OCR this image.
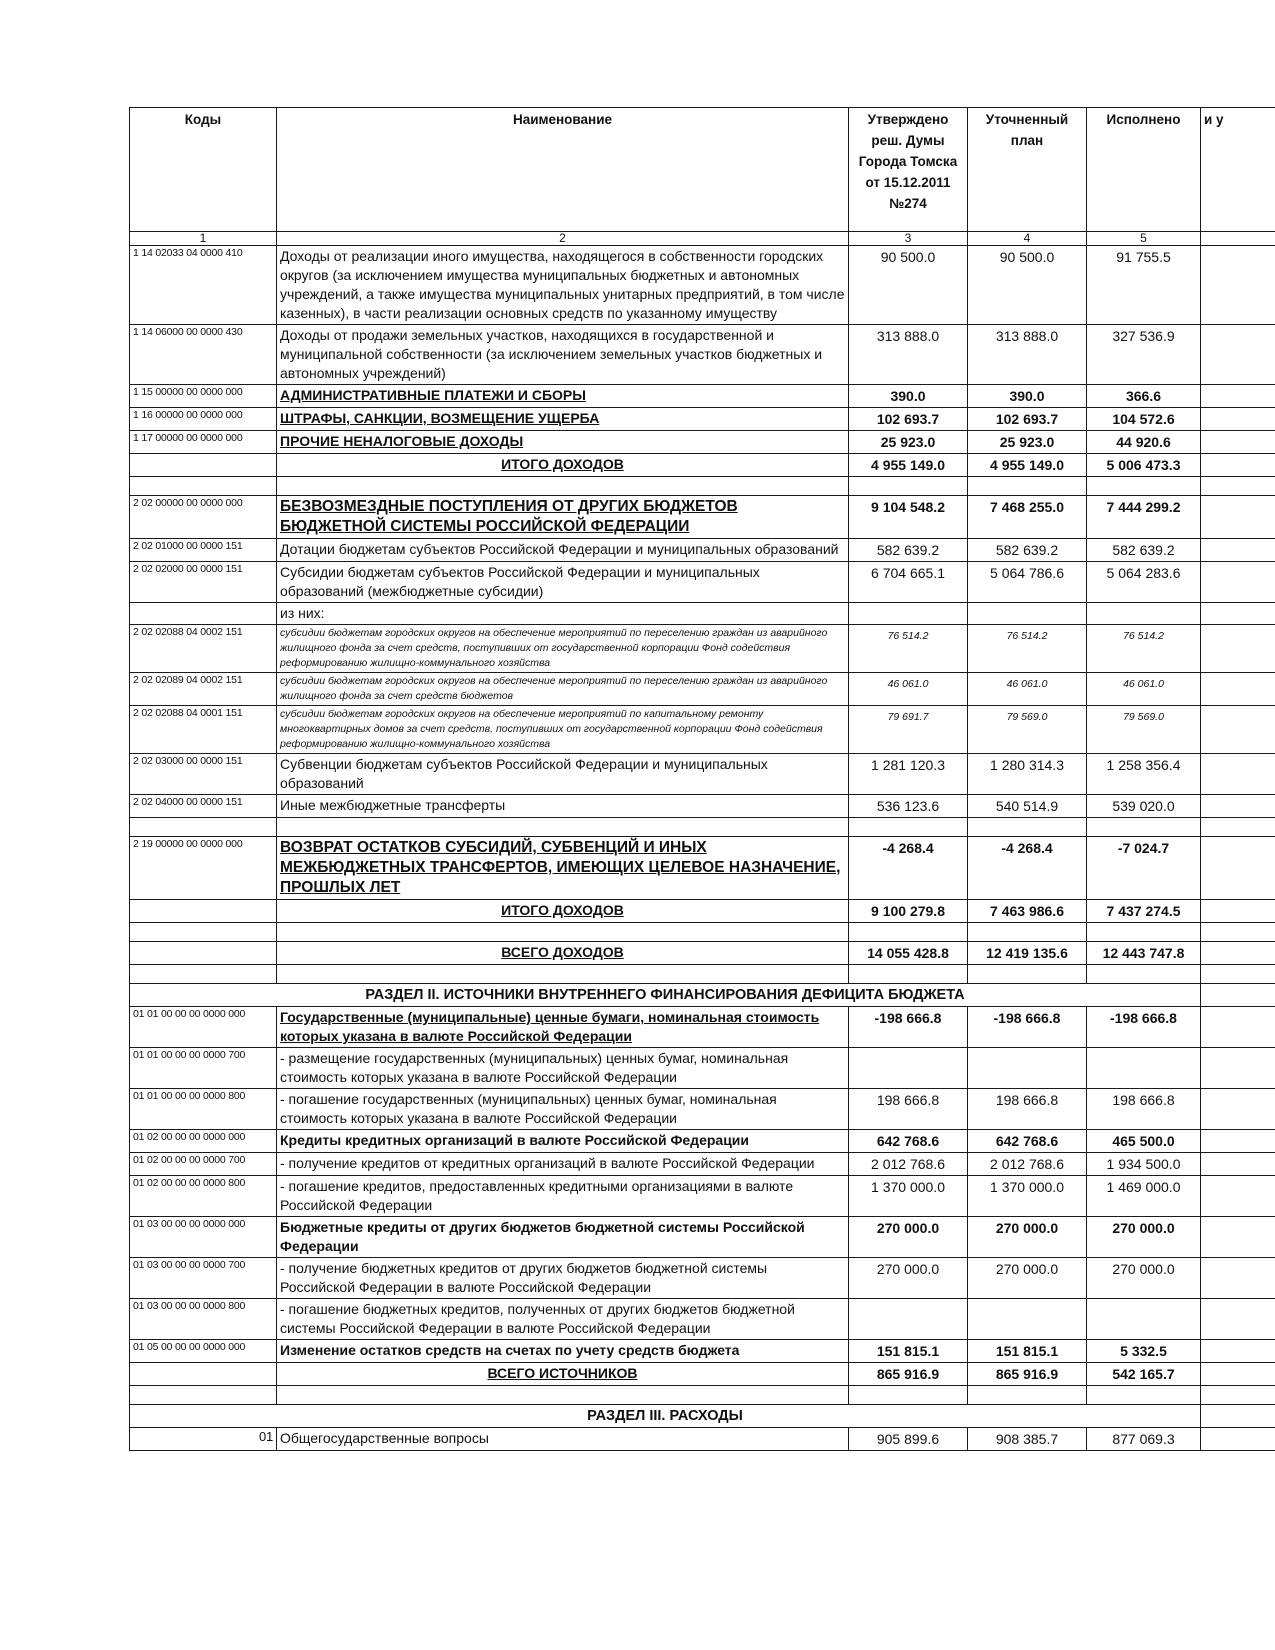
Коды	Наименование	Утверждено реш. Думы Города Томска от 15.12.2011 №274	Уточненный план	Исполнено	и у
1	2	3	4	5	
1 14 02033 04 0000 410	Доходы от реализации иного имущества, находящегося в собственности городских округов (за исключением имущества муниципальных бюджетных и автономных учреждений, а также имущества муниципальных унитарных предприятий, в том числе казенных), в части реализации основных средств по указанному имуществу	90 500.0	90 500.0	91 755.5	
1 14 06000 00 0000 430	Доходы от продажи земельных участков, находящихся в государственной и муниципальной собственности (за исключением земельных участков бюджетных и автономных учреждений)	313 888.0	313 888.0	327 536.9	
1 15 00000 00 0000 000	АДМИНИСТРАТИВНЫЕ ПЛАТЕЖИ И СБОРЫ	390.0	390.0	366.6	
1 16 00000 00 0000 000	ШТРАФЫ, САНКЦИИ, ВОЗМЕЩЕНИЕ УЩЕРБА	102 693.7	102 693.7	104 572.6	
1 17 00000 00 0000 000	ПРОЧИЕ НЕНАЛОГОВЫЕ ДОХОДЫ	25 923.0	25 923.0	44 920.6	
	ИТОГО ДОХОДОВ	4 955 149.0	4 955 149.0	5 006 473.3	

2 02 00000 00 0000 000	БЕЗВОЗМЕЗДНЫЕ ПОСТУПЛЕНИЯ ОТ ДРУГИХ БЮДЖЕТОВ БЮДЖЕТНОЙ СИСТЕМЫ РОССИЙСКОЙ ФЕДЕРАЦИИ	9 104 548.2	7 468 255.0	7 444 299.2	
2 02 01000 00 0000 151	Дотации бюджетам субъектов Российской Федерации и муниципальных образований	582 639.2	582 639.2	582 639.2	
2 02 02000 00 0000 151	Субсидии бюджетам субъектов Российской Федерации и муниципальных образований (межбюджетные субсидии)	6 704 665.1	5 064 786.6	5 064 283.6	
	из них:				
2 02 02088 04 0002 151	субсидии бюджетам городских округов на обеспечение мероприятий по переселению граждан из аварийного жилищного фонда за счет средств, поступивших от государственной корпорации Фонд содействия реформированию жилищно-коммунального хозяйства	76 514.2	76 514.2	76 514.2	
2 02 02089 04 0002 151	субсидии бюджетам городских округов на обеспечение мероприятий по переселению граждан из аварийного жилищного фонда за счет средств бюджетов	46 061.0	46 061.0	46 061.0	
2 02 02088 04 0001 151	субсидии бюджетам городских округов на обеспечение мероприятий по капитальному ремонту многоквартирных домов за счет средств, поступивших от государственной корпорации Фонд содействия реформированию жилищно-коммунального хозяйства	79 691.7	79 569.0	79 569.0	
2 02 03000 00 0000 151	Субвенции бюджетам субъектов Российской Федерации и муниципальных образований	1 281 120.3	1 280 314.3	1 258 356.4	
2 02 04000 00 0000 151	Иные межбюджетные трансферты	536 123.6	540 514.9	539 020.0	

2 19 00000 00 0000 000	ВОЗВРАТ ОСТАТКОВ СУБСИДИЙ, СУБВЕНЦИЙ И ИНЫХ МЕЖБЮДЖЕТНЫХ ТРАНСФЕРТОВ, ИМЕЮЩИХ ЦЕЛЕВОЕ НАЗНАЧЕНИЕ, ПРОШЛЫХ ЛЕТ	-4 268.4	-4 268.4	-7 024.7	
	ИТОГО ДОХОДОВ	9 100 279.8	7 463 986.6	7 437 274.5	

	ВСЕГО ДОХОДОВ	14 055 428.8	12 419 135.6	12 443 747.8	

РАЗДЕЛ II. ИСТОЧНИКИ ВНУТРЕННЕГО ФИНАНСИРОВАНИЯ ДЕФИЦИТА БЮДЖЕТА					
01 01 00 00 00 0000 000	Государственные (муниципальные) ценные бумаги, номинальная стоимость которых указана в валюте Российской Федерации	-198 666.8	-198 666.8	-198 666.8	
01 01 00 00 00 0000 700	- размещение государственных (муниципальных) ценных бумаг, номинальная стоимость которых указана в валюте Российской Федерации				
01 01 00 00 00 0000 800	- погашение государственных (муниципальных) ценных бумаг, номинальная стоимость которых указана в валюте Российской Федерации	198 666.8	198 666.8	198 666.8	
01 02 00 00 00 0000 000	Кредиты кредитных организаций в валюте Российской Федерации	642 768.6	642 768.6	465 500.0	
01 02 00 00 00 0000 700	- получение кредитов от кредитных организаций в валюте Российской Федерации	2 012 768.6	2 012 768.6	1 934 500.0	
01 02 00 00 00 0000 800	- погашение кредитов, предоставленных кредитными организациями в валюте Российской Федерации	1 370 000.0	1 370 000.0	1 469 000.0	
01 03 00 00 00 0000 000	Бюджетные кредиты от других бюджетов бюджетной системы Российской Федерации	270 000.0	270 000.0	270 000.0	
01 03 00 00 00 0000 700	- получение бюджетных кредитов от других бюджетов бюджетной системы Российской Федерации в валюте Российской Федерации	270 000.0	270 000.0	270 000.0	
01 03 00 00 00 0000 800	- погашение бюджетных кредитов, полученных от других бюджетов бюджетной системы Российской Федерации в валюте Российской Федерации				
01 05 00 00 00 0000 000	Изменение остатков средств на счетах по учету средств бюджета	151 815.1	151 815.1	5 332.5	
	ВСЕГО ИСТОЧНИКОВ	865 916.9	865 916.9	542 165.7	

РАЗДЕЛ III. РАСХОДЫ					
01	Общегосударственные вопросы	905 899.6	908 385.7	877 069.3	
